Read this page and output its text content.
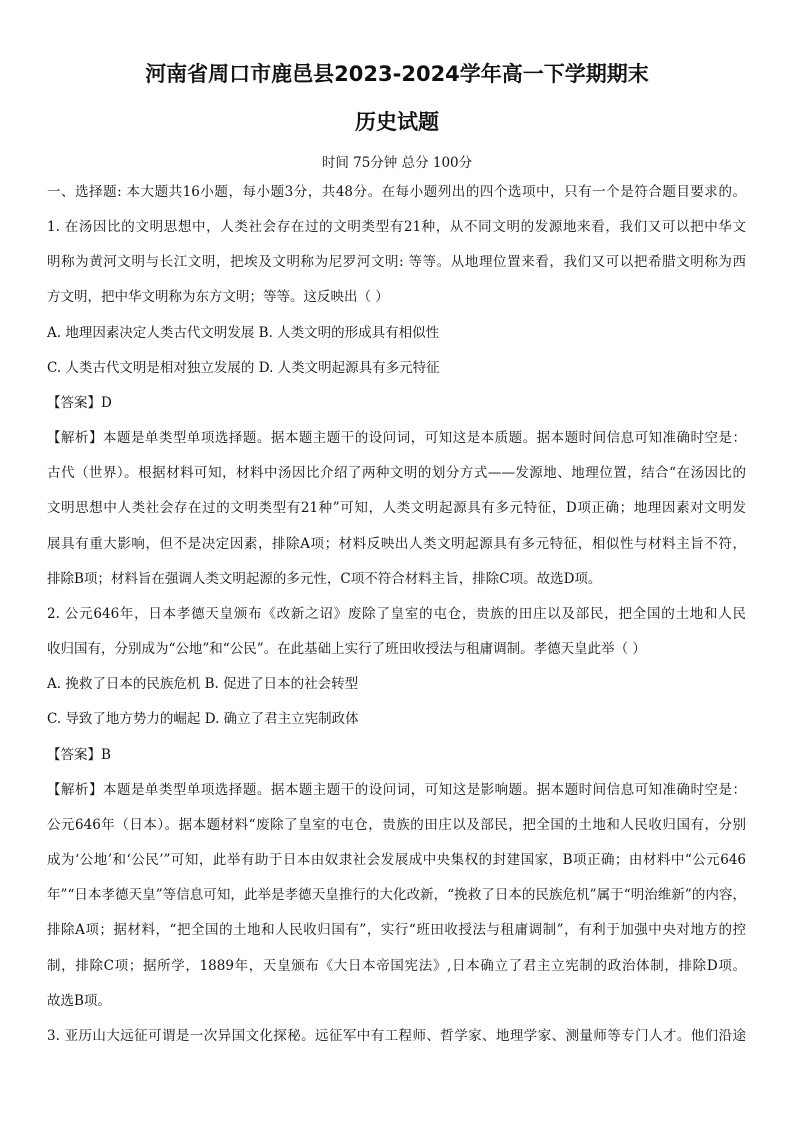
河南省周口市鹿邑县2023-2024学年高一下学期期末
历史试题
时间 75分钟 总分 100分
一、选择题: 本大题共16小题，每小题3分，共48分。在每小题列出的四个选项中，只有一个是符合题目要求的。
1. 在汤因比的文明思想中，人类社会存在过的文明类型有21种，从不同文明的发源地来看，我们又可以把中华文
明称为黄河文明与长江文明，把埃及文明称为尼罗河文明: 等等。从地理位置来看，我们又可以把希腊文明称为西
方文明，把中华文明称为东方文明；等等。这反映出（ ）
A. 地理因素决定人类古代文明发展 B. 人类文明的形成具有相似性
C. 人类古代文明是相对独立发展的 D. 人类文明起源具有多元特征
【答案】D
【解析】本题是单类型单项选择题。据本题主题干的设问词，可知这是本质题。据本题时间信息可知准确时空是：
古代（世界）。根据材料可知，材料中汤因比介绍了两种文明的划分方式——发源地、地理位置，结合“在汤因比的
文明思想中人类社会存在过的文明类型有21种”可知，人类文明起源具有多元特征，D项正确；地理因素对文明发
展具有重大影响，但不是决定因素，排除A项；材料反映出人类文明起源具有多元特征，相似性与材料主旨不符，
排除B项；材料旨在强调人类文明起源的多元性，C项不符合材料主旨，排除C项。故选D项。
2. 公元646年，日本孝德天皇颁布《改新之诏》废除了皇室的屯仓，贵族的田庄以及部民，把全国的土地和人民
收归国有，分别成为“公地”和“公民”。在此基础上实行了班田收授法与租庸调制。孝德天皇此举（ ）
A. 挽救了日本的民族危机 B. 促进了日本的社会转型
C. 导致了地方势力的崛起 D. 确立了君主立宪制政体
【答案】B
【解析】本题是单类型单项选择题。据本题主题干的设问词，可知这是影响题。据本题时间信息可知准确时空是：
公元646年（日本）。据本题材料“废除了皇室的屯仓，贵族的田庄以及部民，把全国的土地和人民收归国有，分别
成为‘公地’和‘公民’”可知，此举有助于日本由奴隶社会发展成中央集权的封建国家，B项正确；由材料中“公元646
年”“日本孝德天皇”等信息可知，此举是孝德天皇推行的大化改新，“挽救了日本的民族危机”属于“明治维新”的内容，
排除A项；据材料，“把全国的土地和人民收归国有”，实行“班田收授法与租庸调制”，有利于加强中央对地方的控
制，排除C项；据所学，1889年，天皇颁布《大日本帝国宪法》,日本确立了君主立宪制的政治体制，排除D项。
故选B项。
3. 亚历山大远征可谓是一次异国文化探秘。远征军中有工程师、哲学家、地理学家、测量师等专门人才。他们沿途
